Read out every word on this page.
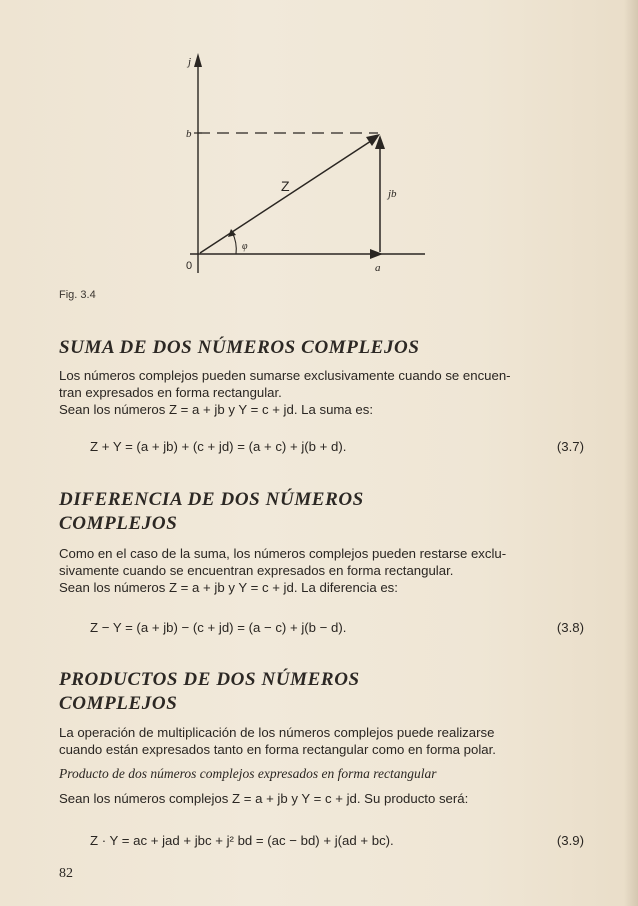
j
b
0	a
Z	jb
φ
Fig. 3.4
SUMA DE DOS NÚMEROS COMPLEJOS

Los números complejos pueden sumarse exclusivamente cuando se encuen-
tran expresados en forma rectangular.
Sean los números Z = a + jb y Y = c + jd. La suma es:

Z + Y = (a + jb) + (c + jd) = (a + c) + j(b + d).	(3.7)
DIFERENCIA DE DOS NÚMEROS
COMPLEJOS

Como en el caso de la suma, los números complejos pueden restarse exclu-
sivamente cuando se encuentran expresados en forma rectangular.
Sean los números Z = a + jb y Y = c + jd. La diferencia es:

Z − Y = (a + jb) − (c + jd) = (a − c) + j(b − d).	(3.8)
PRODUCTOS DE DOS NÚMEROS
COMPLEJOS

La operación de multiplicación de los números complejos puede realizarse
cuando están expresados tanto en forma rectangular como en forma polar.

Producto de dos números complejos expresados en forma rectangular

Sean los números complejos Z = a + jb y Y = c + jd. Su producto será:

Z · Y = ac + jad + jbc + j² bd = (ac − bd) + j(ad + bc).	(3.9)
82
